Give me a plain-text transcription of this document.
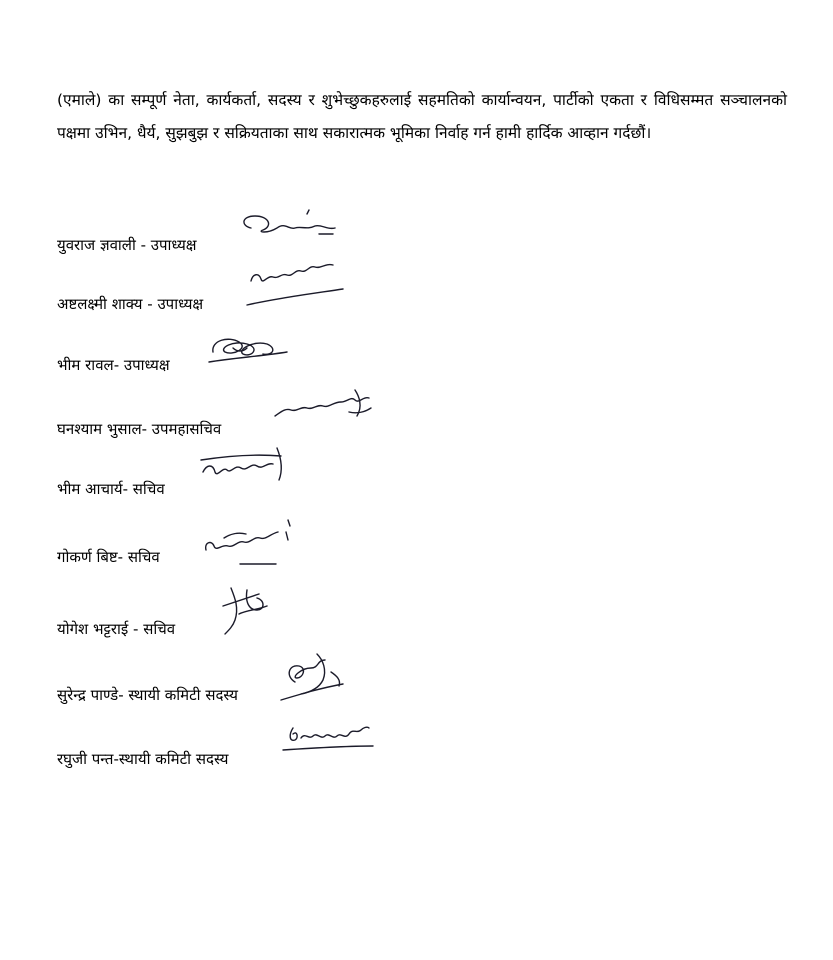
(एमाले) का सम्पूर्ण नेता, कार्यकर्ता, सदस्य र शुभेच्छुकहरुलाई सहमतिको कार्यान्वयन, पार्टीको एकता र विधिसम्मत सञ्चालनको पक्षमा उभिन, धैर्य, सुझबुझ र सक्रियताका साथ सकारात्मक भूमिका निर्वाह गर्न हामी हार्दिक आव्हान गर्दछौं।

युवराज ज्ञवाली - उपाध्यक्ष
अष्टलक्ष्मी शाक्य - उपाध्यक्ष
भीम रावल- उपाध्यक्ष
घनश्याम भुसाल- उपमहासचिव
भीम आचार्य- सचिव
गोकर्ण बिष्ट- सचिव
योगेश भट्टराई - सचिव
सुरेन्द्र पाण्डे- स्थायी कमिटी सदस्य
रघुजी पन्त-स्थायी कमिटी सदस्य
